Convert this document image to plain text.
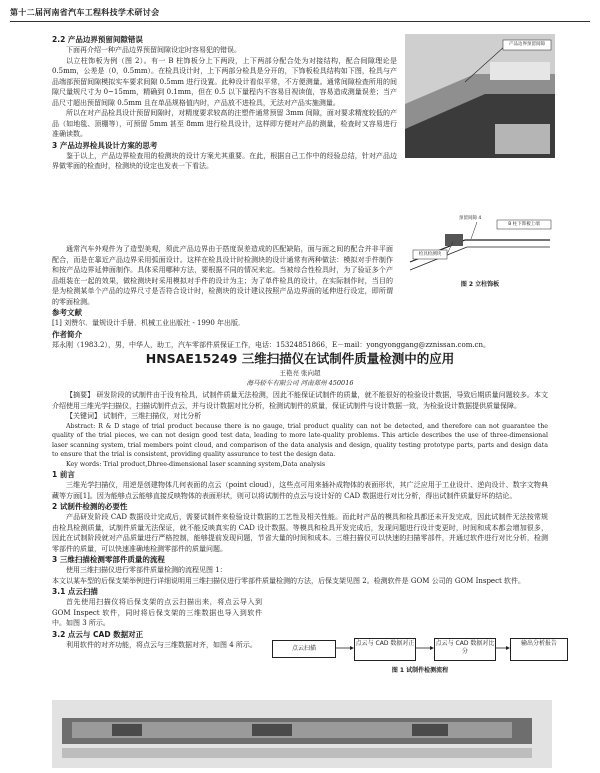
第十二届河南省汽车工程科技学术研讨会

2.2 产品边界预留间隙错误

下面再介绍一种产品边界预留间隙设定时容易犯的错误。

以立柱饰板为例（图 2）。有一 B 柱饰板分上下两段，上下两部分配合处为对接结构，配合间隙理论是 0.5mm，公差是（0，0.5mm）。在检具设计时，上下两部分检具是分开的，下饰板检具结构如下图，检具与产品端部预留间隙模拟实车要求间隙 0.5mm 进行设置。此种设计看似平常，不方便测量。通常间隙检查所用的间隙尺量规尺寸为 0~15mm，精确到 0.1mm，但在 0.5 以下量程内不容易目视读值，容易造成测量误差；当产品尺寸超出预留间隙 0.5mm 且在单品规格值内时，产品放不进检具，无法对产品实施测量。

所以在对产品检具设计预留间隙时，对精度要求较高的注塑件通常预留 3mm 间隙，面对要求精度较低的产品（如地毯、顶棚等），可预留 5mm 甚至 8mm 进行检具设计，这样即方便对产品的测量，检查时又容易进行准确读数。

3 产品边界检具设计方案的思考

鉴于以上，产品边界检查用的检测块的设计方案尤其重要。在此，根据自己工作中的经验总结，针对产品边界做零面的检查时，检测块的设定也发表一下看法。

产品边界预留间隙
检具检测块
预留间隙 4
B 柱下饰板上端
图 2 立柱饰板

通常汽车外观件为了造型美观，须此产品边界由于搭度误差造成的匹配缺陷，面与面之间的配合并非平面配合，而是在靠近产品边界采用弧面设计。这样在检具设计时检测块的设计通常有两种做法：模拟对手件制作和按产品边界延伸面制作。具体采用哪种方法，要根据不同的情况来定。当被综合性检具时，为了验证多个产品组装在一起的效果，做检测块时采用模拟对手件的设计为主；为了单件检具的设计，在实际制作时，当目的是为检测某单个产品的边界尺寸是否符合设计时，检测块的设计建议按照产品边界面的延伸进行设定，即所谓的零面检测。

参考文献

[1] 刘赞尔．量规设计手册．机械工业出版社 - 1990 年出版．

作者简介

郑永刚（1983.2），男，中华人，助工，汽车零部件质保证工作，电话：15324851866，E－mail：yongyonggang@zznissan.com.cn。

HNSAE15249 三维扫描仪在试制件质量检测中的应用
王艳亮 张向超
海马轿车有限公司 河南郑州 450016

【摘要】 研发阶段的试制件由于没有检具，试制件质量无法检测，因此不能保证试制件的质量，就不能很好的检验设计数据，导致后期质量问题较多。本文介绍使用三维光学扫描仪，扫描试制件点云，并与设计数据对比分析，检测试制件的质量，保证试制件与设计数据一致，为检验设计数据提供质量保障。

【关键词】 试制件，三维扫描仪，对比分析

Abstract: R & D stage of trial product because there is no gauge, trial product quality can not be detected, and therefore can not guarantee the quality of the trial pieces, we can not design good test data, leading to more late-quality problems. This article describes the use of three-dimensional laser scanning system, trial members point cloud, and comparison of the data analysis and design, quality testing prototype parts, parts and design data to ensure that the trial is consistent, providing quality assurance to test the design data.

Key words: Trial product,Dhree-dimensional laser scanning system,Data analysis

1 前言

三维光学扫描仪，用逆是创建物体几何表面的点云（point cloud），这些点可用来插补成物体的表面形状，其广泛应用于工业设计、逆向设计、数字文物典藏等方面[1]。因为能够点云能够直接反映物体的表面形状，则可以将试制件的点云与设计好的 CAD 数据进行对比分析，得出试制件质量好坏的结论。

2 试制件检测的必要性

产品研发阶段 CAD 数据设计完成后，需要试制件来检验设计数据的工艺性及相关性能。而此时产品的模具和检具都还未开发完成，因此试制件无法按常规由检具检测质量，试制件质量无法保证，就不能反映真实的 CAD 设计数据。等模具和检具开发完成后，发现问题进行设计变更时，时间和成本都会增加很多，因此在试制阶段就对产品质量进行严格控制，能够提前发现问题，节省大量的时间和成本。三维扫描仪可以快速的扫描零部件，并通过软件进行对比分析，检测零部件的质量，可以快速准确地检测零部件的质量问题。

3 三维扫描检测零部件质量的流程

使用三维扫描仪进行零部件质量检测的流程见图 1：

本文以某车型的后保支架举例进行详细说明用三维扫描仪进行零部件质量检测的方法，后保支架见图 2。检测软件是 GOM 公司的 GOM Inspect 软件。

3.1 点云扫描

首先使用扫描仪将后保支架的点云扫描出来，将点云导入到 GOM Inspect 软件，同时将后保支架的三维数据也导入到软件中。如图 3 所示。

3.2 点云与 CAD 数据对正

利用软件的对齐功能，将点云与三维数据对齐，如图 4 所示。	点云扫描
点云与 CAD 数据对正	点云与 CAD 数据对比分
输出分析报告
图 1 试制件检测流程
